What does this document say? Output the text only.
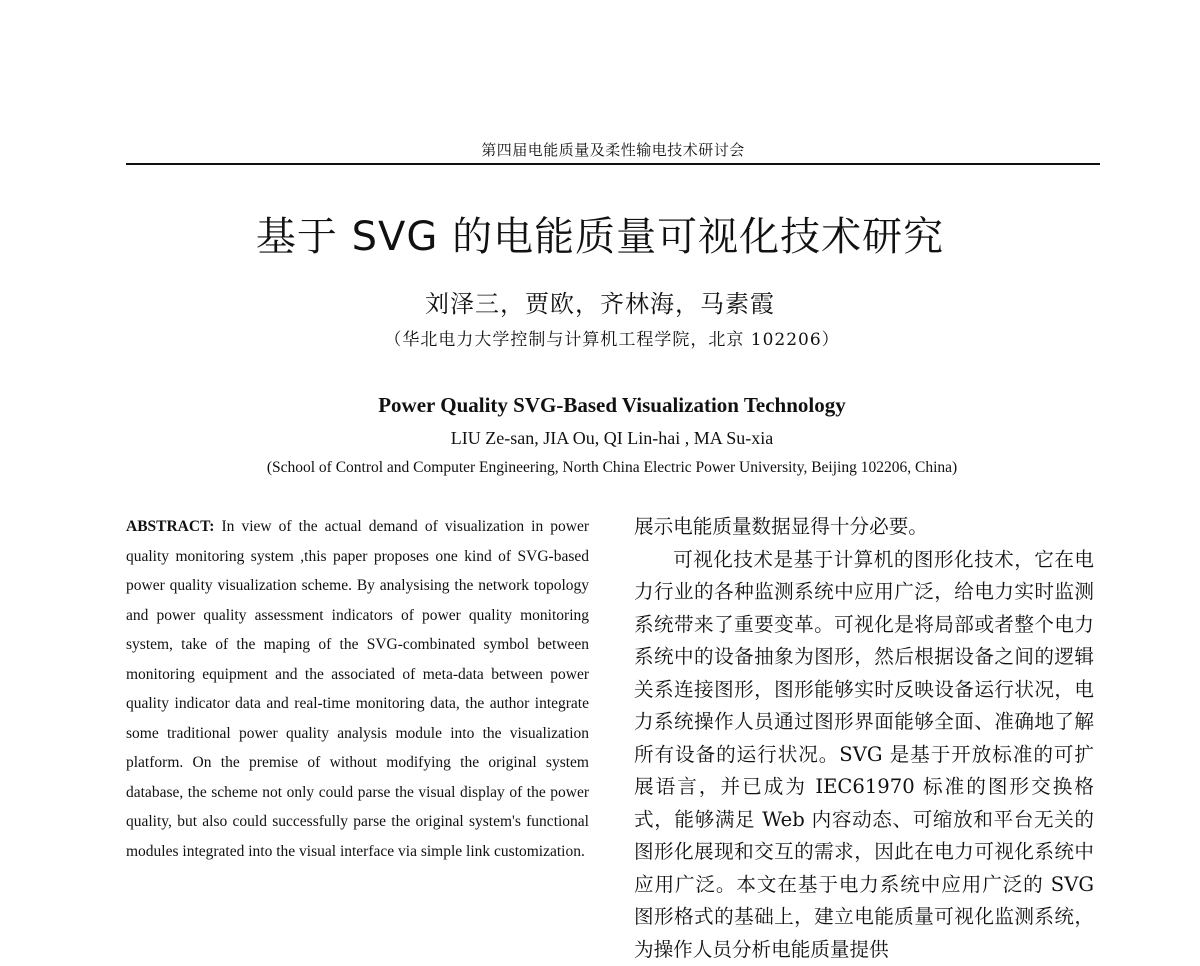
第四届电能质量及柔性输电技术研讨会
基于 SVG 的电能质量可视化技术研究
刘泽三，贾欧，齐林海，马素霞
（华北电力大学控制与计算机工程学院，北京 102206）
Power Quality SVG-Based Visualization Technology
LIU Ze-san, JIA Ou, QI Lin-hai , MA Su-xia
(School of Control and Computer Engineering, North China Electric Power University, Beijing 102206, China)
ABSTRACT: In view of the actual demand of visualization in power quality monitoring system ,this paper proposes one kind of SVG-based power quality visualization scheme. By analysising the network topology and power quality assessment indicators of power quality monitoring system, take of the maping of the SVG-combinated symbol between monitoring equipment and the associated of meta-data between power quality indicator data and real-time monitoring data, the author integrate some traditional power quality analysis module into the visualization platform. On the premise of without modifying the original system database, the scheme not only could parse the visual display of the power quality, but also could successfully parse the original system's functional modules integrated into the visual interface via simple link customization.

展示电能质量数据显得十分必要。

可视化技术是基于计算机的图形化技术，它在电力行业的各种监测系统中应用广泛，给电力实时监测系统带来了重要变革。可视化是将局部或者整个电力系统中的设备抽象为图形，然后根据设备之间的逻辑关系连接图形，图形能够实时反映设备运行状况，电力系统操作人员通过图形界面能够全面、准确地了解所有设备的运行状况。SVG 是基于开放标准的可扩展语言，并已成为 IEC61970 标准的图形交换格式，能够满足 Web 内容动态、可缩放和平台无关的图形化展现和交互的需求，因此在电力可视化系统中应用广泛。本文在基于电力系统中应用广泛的 SVG 图形格式的基础上，建立电能质量可视化监测系统，为操作人员分析电能质量提供
